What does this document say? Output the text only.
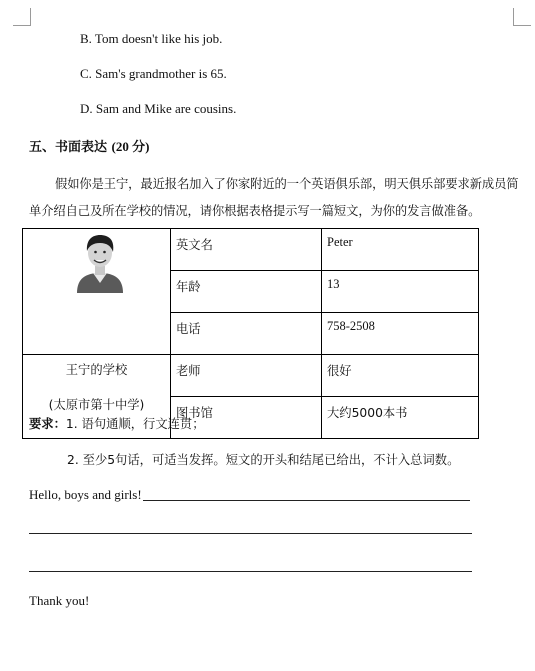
B. Tom doesn't like his job.
C. Sam's grandmother is 65.
D. Sam and Mike are cousins.
五、书面表达 (20 分)
假如你是王宁，最近报名加入了你家附近的一个英语俱乐部，明天俱乐部要求新成员简单介绍自己及所在学校的情况，请你根据表格提示写一篇短文，为你的发言做准备。
	英文名	Peter
	年龄	13
	电话	758-2508

王宁的学校
(太原市第十中学)	老师	很好
	图书馆	大约5000本书
要求：1. 语句通顺，行文连贯；
2. 至少5句话，可适当发挥。短文的开头和结尾已给出，不计入总词数。
Hello, boys and girls!
Thank you!
